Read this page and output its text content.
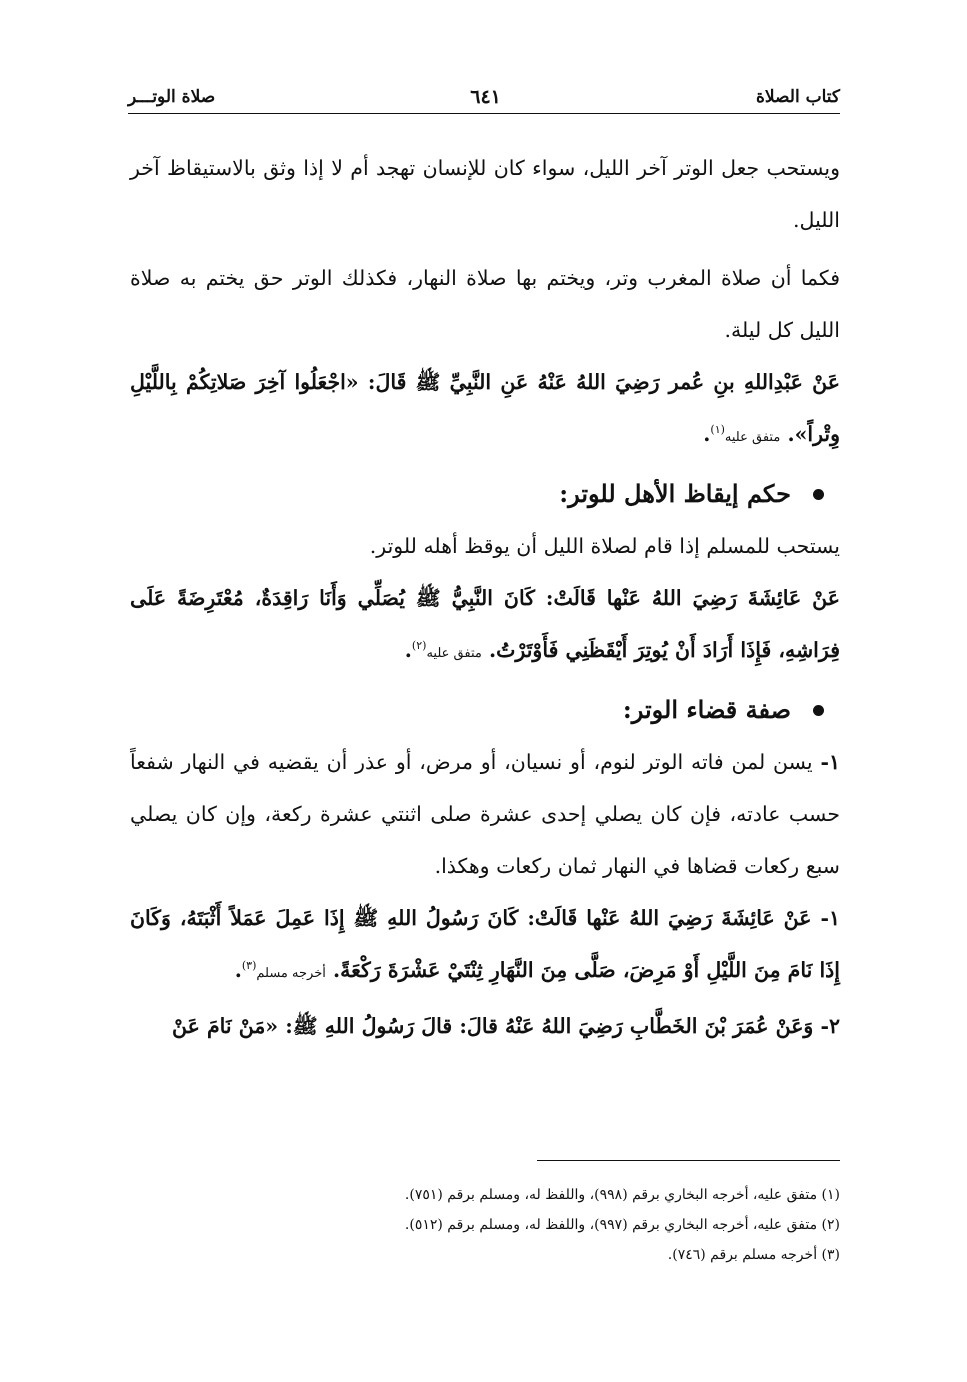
كتاب الصلاة
٦٤١
صلاة الوتـــر

ويستحب جعل الوتر آخر الليل، سواء كان للإنسان تهجد أم لا إذا وثق بالاستيقاظ آخر الليل.

فكما أن صلاة المغرب وتر، ويختم بها صلاة النهار، فكذلك الوتر حق يختم به صلاة الليل كل ليلة.

عَنْ عَبْدِاللهِ بنِ عُمر رَضِيَ اللهُ عَنْهُ عَنِ النَّبِيِّ ﷺ قَالَ: «اجْعَلُوا آخِرَ صَلاتِكُمْ بِاللَّيْلِ وِتْراً». متفق عليه$^{(١)}$.

حكم إيقاظ الأهل للوتر:

يستحب للمسلم إذا قام لصلاة الليل أن يوقظ أهله للوتر.

عَنْ عَائِشَةَ رَضِيَ اللهُ عَنْها قَالَتْ: كَانَ النَّبِيُّ ﷺ يُصَلِّي وَأَنَا رَاقِدَةٌ، مُعْتَرِضَةً عَلَى فِرَاشِهِ، فَإِذَا أَرَادَ أَنْ يُوتِرَ أَيْقَظَنِي فَأَوْتَرْتُ. متفق عليه$^{(٢)}$.

صفة قضاء الوتر:

١- يسن لمن فاته الوتر لنوم، أو نسيان، أو مرض، أو عذر أن يقضيه في النهار شفعاً حسب عادته، فإن كان يصلي إحدى عشرة صلى اثنتي عشرة ركعة، وإن كان يصلي سبع ركعات قضاها في النهار ثمان ركعات وهكذا.

١- عَنْ عَائِشَةَ رَضِيَ اللهُ عَنْها قَالَتْ: كَانَ رَسُولُ اللهِ ﷺ إِذَا عَمِلَ عَمَلاً أَثْبَتَهُ، وَكَانَ إِذَا نَامَ مِنَ اللَّيْلِ أَوْ مَرِضَ، صَلَّى مِنَ النَّهَارِ ثِنْتَيْ عَشْرَةَ رَكْعَةً. أخرجه مسلم$^{(٣)}$.

٢- وَعَنْ عُمَرَ بْنَ الخَطَّابِ رَضِيَ اللهُ عَنْهُ قالَ: قالَ رَسُولُ اللهِ ﷺ: «مَنْ نَامَ عَنْ

(١) متفق عليه، أخرجه البخاري برقم (٩٩٨)، واللفظ له، ومسلم برقم (٧٥١).

(٢) متفق عليه، أخرجه البخاري برقم (٩٩٧)، واللفظ له، ومسلم برقم (٥١٢).

(٣) أخرجه مسلم برقم (٧٤٦).
